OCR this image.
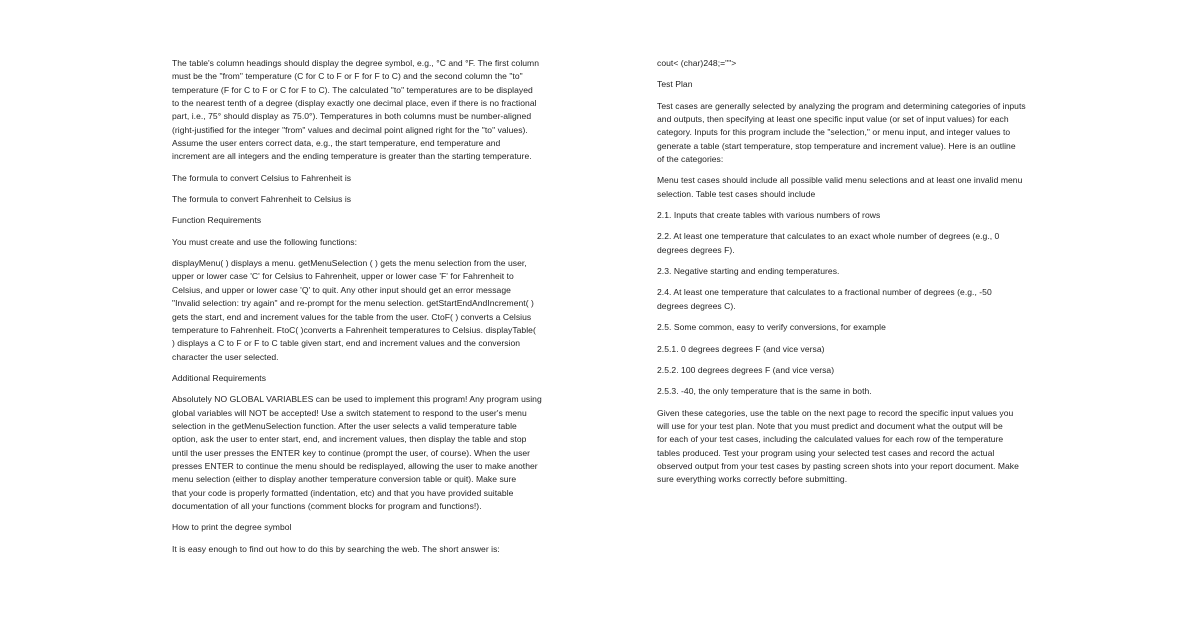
The table's column headings should display the degree symbol, e.g., °C and °F. The first column
must be the "from" temperature (C for C to F or F for F to C) and the second column the "to"
temperature (F for C to F or C for F to C). The calculated "to" temperatures are to be displayed
to the nearest tenth of a degree (display exactly one decimal place, even if there is no fractional
part, i.e., 75° should display as 75.0°). Temperatures in both columns must be number-aligned
(right-justified for the integer "from" values and decimal point aligned right for the "to" values).
Assume the user enters correct data, e.g., the start temperature, end temperature and
increment are all integers and the ending temperature is greater than the starting temperature.
The formula to convert Celsius to Fahrenheit is
The formula to convert Fahrenheit to Celsius is
Function Requirements
You must create and use the following functions:
displayMenu( ) displays a menu. getMenuSelection ( ) gets the menu selection from the user,
upper or lower case 'C' for Celsius to Fahrenheit, upper or lower case 'F' for Fahrenheit to
Celsius, and upper or lower case 'Q' to quit. Any other input should get an error message
"Invalid selection: try again" and re-prompt for the menu selection. getStartEndAndIncrement( )
gets the start, end and increment values for the table from the user. CtoF( ) converts a Celsius
temperature to Fahrenheit. FtoC( )converts a Fahrenheit temperatures to Celsius. displayTable(
) displays a C to F or F to C table given start, end and increment values and the conversion
character the user selected.
Additional Requirements
Absolutely NO GLOBAL VARIABLES can be used to implement this program! Any program using
global variables will NOT be accepted! Use a switch statement to respond to the user's menu
selection in the getMenuSelection function. After the user selects a valid temperature table
option, ask the user to enter start, end, and increment values, then display the table and stop
until the user presses the ENTER key to continue (prompt the user, of course). When the user
presses ENTER to continue the menu should be redisplayed, allowing the user to make another
menu selection (either to display another temperature conversion table or quit). Make sure
that your code is properly formatted (indentation, etc) and that you have provided suitable
documentation of all your functions (comment blocks for program and functions!).
How to print the degree symbol
It is easy enough to find out how to do this by searching the web. The short answer is:
cout< (char)248;="">
Test Plan
Test cases are generally selected by analyzing the program and determining categories of inputs
and outputs, then specifying at least one specific input value (or set of input values) for each
category. Inputs for this program include the "selection," or menu input, and integer values to
generate a table (start temperature, stop temperature and increment value). Here is an outline
of the categories:
Menu test cases should include all possible valid menu selections and at least one invalid menu
selection. Table test cases should include
2.1. Inputs that create tables with various numbers of rows
2.2. At least one temperature that calculates to an exact whole number of degrees (e.g., 0
degrees degrees F).
2.3. Negative starting and ending temperatures.
2.4. At least one temperature that calculates to a fractional number of degrees (e.g., -50
degrees degrees C).
2.5. Some common, easy to verify conversions, for example
2.5.1. 0 degrees degrees F (and vice versa)
2.5.2. 100 degrees degrees F (and vice versa)
2.5.3. -40, the only temperature that is the same in both.
Given these categories, use the table on the next page to record the specific input values you
will use for your test plan. Note that you must predict and document what the output will be
for each of your test cases, including the calculated values for each row of the temperature
tables produced. Test your program using your selected test cases and record the actual
observed output from your test cases by pasting screen shots into your report document. Make
sure everything works correctly before submitting.
